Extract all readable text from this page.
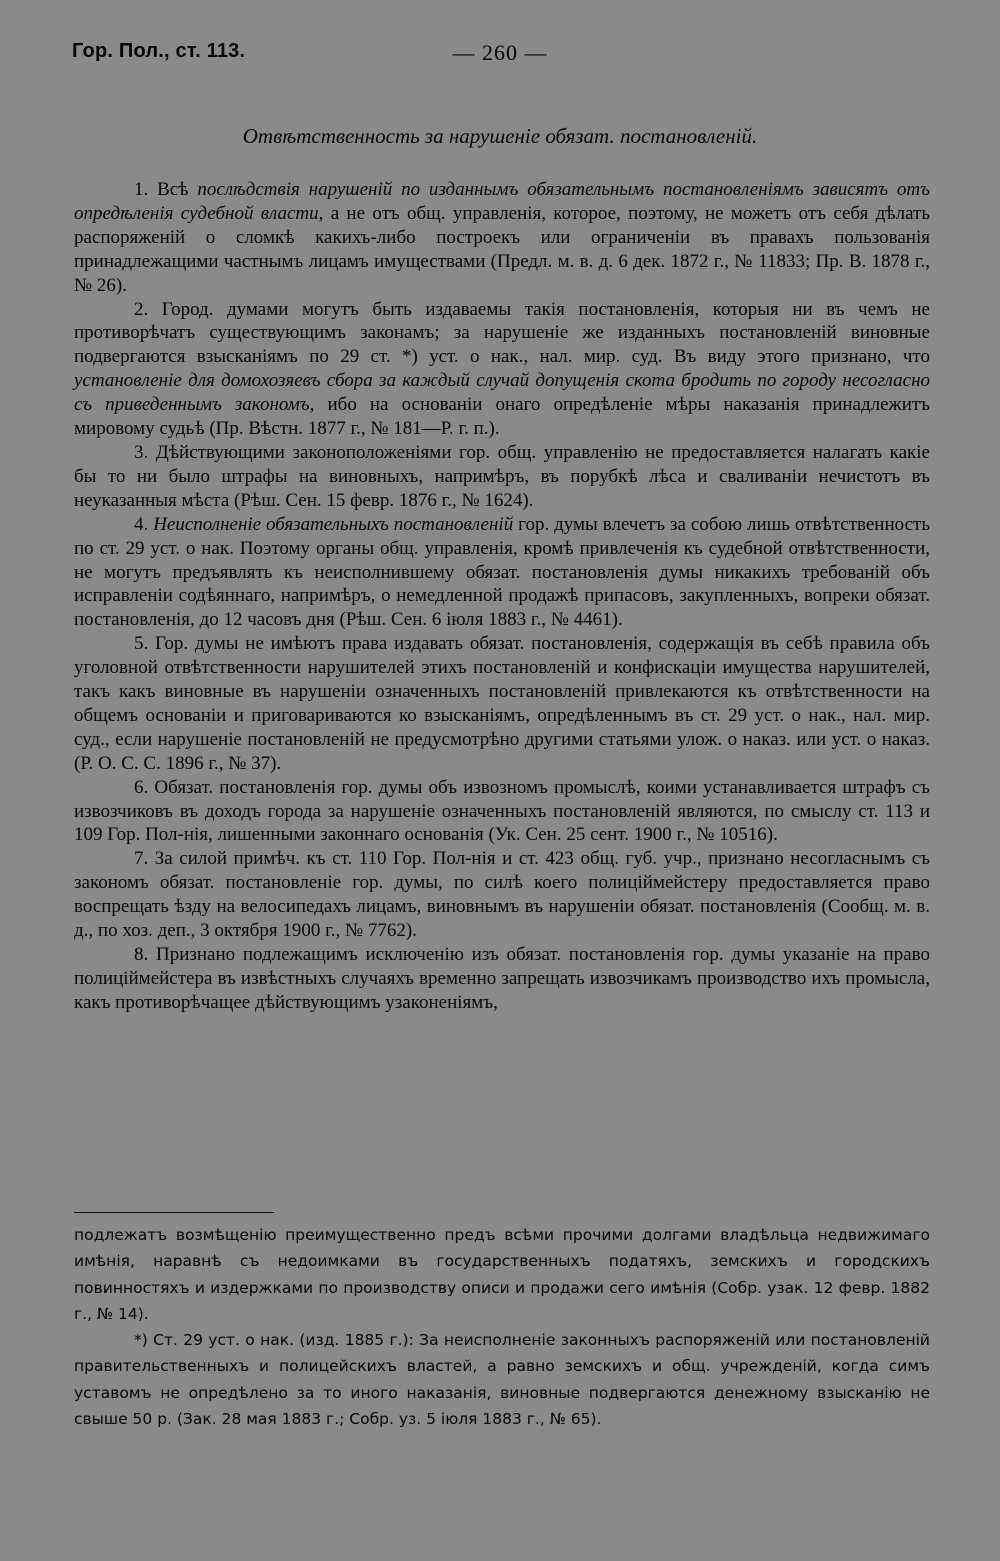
Гор. Пол., ст. 113.	— 260 —
Отвѣтственность за нарушеніе обязат. постановленій.

1. Всѣ послѣдствія нарушеній по изданнымъ обязательнымъ постановленіямъ зависятъ отъ опредѣленія судебной власти, а не отъ общ. управленія, которое, поэтому, не можетъ отъ себя дѣлать распоряженій о сломкѣ какихъ-либо построекъ или ограниченіи въ правахъ пользованія принадлежащими частнымъ лицамъ имуществами (Предл. м. в. д. 6 дек. 1872 г., № 11833; Пр. В. 1878 г., № 26).

2. Город. думами могутъ быть издаваемы такія постановленія, которыя ни въ чемъ не противорѣчатъ существующимъ законамъ; за нарушеніе же изданныхъ постановленій виновные подвергаются взысканіямъ по 29 ст. *) уст. о нак., нал. мир. суд. Въ виду этого признано, что установленіе для домохозяевъ сбора за каждый случай допущенія скота бродить по городу несогласно съ приведеннымъ закономъ, ибо на основаніи онаго опредѣленіе мѣры наказанія принадлежитъ мировому судьѣ (Пр. Вѣстн. 1877 г., № 181—Р. г. п.).

3. Дѣйствующими законоположеніями гор. общ. управленію не предоставляется налагать какіе бы то ни было штрафы на виновныхъ, напримѣръ, въ порубкѣ лѣса и сваливаніи нечистотъ въ неуказанныя мѣста (Рѣш. Сен. 15 февр. 1876 г., № 1624).

4. Неисполненіе обязательныхъ постановленій гор. думы влечетъ за собою лишь отвѣтственность по ст. 29 уст. о нак. Поэтому органы общ. управленія, кромѣ привлеченія къ судебной отвѣтственности, не могутъ предъявлять къ неисполнившему обязат. постановленія думы никакихъ требованій объ исправленіи содѣяннаго, напримѣръ, о немедленной продажѣ припасовъ, закупленныхъ, вопреки обязат. постановленія, до 12 часовъ дня (Рѣш. Сен. 6 іюля 1883 г., № 4461).

5. Гор. думы не имѣютъ права издавать обязат. постановленія, содержащія въ себѣ правила объ уголовной отвѣтственности нарушителей этихъ постановленій и конфискаціи имущества нарушителей, такъ какъ виновные въ нарушеніи означенныхъ постановленій привлекаются къ отвѣтственности на общемъ основаніи и приговариваются ко взысканіямъ, опредѣленнымъ въ ст. 29 уст. о нак., нал. мир. суд., если нарушеніе постановленій не предусмотрѣно другими статьями улож. о наказ. или уст. о наказ. (Р. О. С. С. 1896 г., № 37).

6. Обязат. постановленія гор. думы объ извозномъ промыслѣ, коими устанавливается штрафъ съ извозчиковъ въ доходъ города за нарушеніе означенныхъ постановленій являются, по смыслу ст. 113 и 109 Гор. Пол-нія, лишенными законнаго основанія (Ук. Сен. 25 сент. 1900 г., № 10516).

7. За силой примѣч. къ ст. 110 Гор. Пол-нія и ст. 423 общ. губ. учр., признано несогласнымъ съ закономъ обязат. постановленіе гор. думы, по силѣ коего полиціймейстеру предоставляется право воспрещать ѣзду на велосипедахъ лицамъ, виновнымъ въ нарушеніи обязат. постановленія (Сообщ. м. в. д., по хоз. деп., 3 октября 1900 г., № 7762).

8. Признано подлежащимъ исключенію изъ обязат. постановленія гор. думы указаніе на право полиціймейстера въ извѣстныхъ случаяхъ временно запрещать извозчикамъ производство ихъ промысла, какъ противорѣчащее дѣйствующимъ узаконеніямъ,

подлежатъ возмѣщенію преимущественно предъ всѣми прочими долгами владѣльца недвижимаго имѣнія, наравнѣ съ недоимками въ государственныхъ податяхъ, земскихъ и городскихъ повинностяхъ и издержками по производству описи и продажи сего имѣнія (Собр. узак. 12 февр. 1882 г., № 14).

*) Ст. 29 уст. о нак. (изд. 1885 г.): За неисполненіе законныхъ распоряженій или постановленій правительственныхъ и полицейскихъ властей, а равно земскихъ и общ. учрежденій, когда симъ уставомъ не опредѣлено за то иного наказанія, виновные подвергаются денежному взысканію не свыше 50 р. (Зак. 28 мая 1883 г.; Собр. уз. 5 іюля 1883 г., № 65).
